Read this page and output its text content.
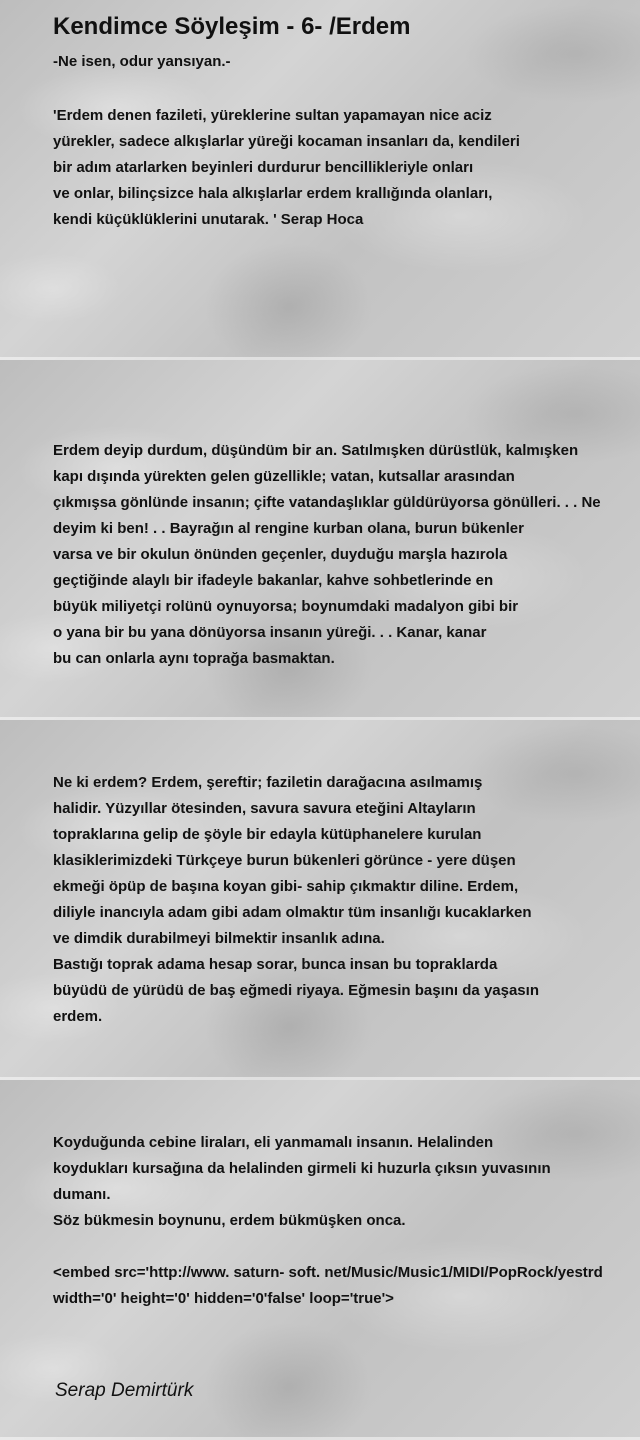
Kendimce Söyleşim - 6- /Erdem

-Ne isen, odur yansıyan.-

'Erdem denen fazileti, yüreklerine sultan yapamayan nice aciz
yürekler, sadece alkışlarlar yüreği kocaman insanları da, kendileri
bir adım atarlarken beyinleri durdurur bencillikleriyle onları
ve onlar, bilinçsizce hala alkışlarlar erdem krallığında olanları,
kendi küçüklüklerini unutarak. ' Serap Hoca

Erdem deyip durdum, düşündüm bir an. Satılmışken dürüstlük, kalmışken
kapı dışında yürekten gelen güzellikle; vatan, kutsallar arasından
çıkmışsa gönlünde insanın; çifte vatandaşlıklar güldürüyorsa gönülleri. . . Ne
deyim ki ben! . . Bayrağın al rengine kurban olana, burun bükenler
varsa ve bir okulun önünden geçenler, duyduğu marşla hazırola
geçtiğinde alaylı bir ifadeyle bakanlar, kahve sohbetlerinde en
büyük miliyetçi rolünü oynuyorsa; boynumdaki madalyon gibi bir
o yana bir bu yana dönüyorsa insanın yüreği. . . Kanar, kanar
bu can onlarla aynı toprağa basmaktan.

Ne ki erdem? Erdem, şereftir; faziletin darağacına asılmamış
halidir. Yüzyıllar ötesinden, savura savura eteğini Altayların
topraklarına gelip de şöyle bir edayla kütüphanelere kurulan
klasiklerimizdeki Türkçeye burun bükenleri görünce - yere düşen
ekmeği öpüp de başına koyan gibi- sahip çıkmaktır diline. Erdem,
diliyle inancıyla adam gibi adam olmaktır tüm insanlığı kucaklarken
ve dimdik durabilmeyi bilmektir insanlık adına.
Bastığı toprak adama hesap sorar, bunca insan bu topraklarda
büyüdü de yürüdü de baş eğmedi riyaya. Eğmesin başını da yaşasın
erdem.

Koyduğunda cebine liraları, eli yanmamalı insanın. Helalinden
koydukları kursağına da helalinden girmeli ki huzurla çıksın yuvasının
dumanı.
Söz bükmesin boynunu, erdem bükmüşken onca.

<embed src='http://www. saturn- soft. net/Music/Music1/MIDI/PopRock/yestrd
width='0' height='0' hidden='0'false' loop='true'>

Serap Demirtürk
